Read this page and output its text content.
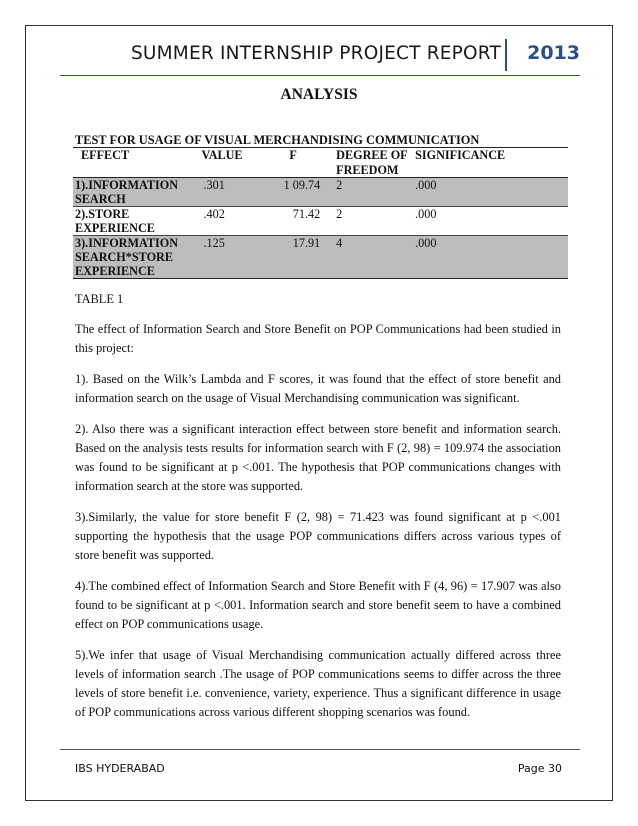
SUMMER INTERNSHIP PROJECT REPORT 2013
ANALYSIS
TEST FOR USAGE OF VISUAL MERCHANDISING COMMUNICATION
EFFECT	VALUE	F	DEGREE OF FREEDOM	SIGNIFICANCE
1).INFORMATION SEARCH	.301	1 09.74	2	.000
2).STORE EXPERIENCE	.402	71.42	2	.000
3).INFORMATION SEARCH*STORE EXPERIENCE	.125	17.91	4	.000
TABLE 1

The effect of Information Search and Store Benefit on POP Communications had been studied in this project:

1). Based on the Wilk’s Lambda and F scores, it was found that the effect of store benefit and information search on the usage of Visual Merchandising communication was significant.

2). Also there was a significant interaction effect between store benefit and information search. Based on the analysis tests results for information search with F (2, 98) = 109.974 the association was found to be significant at p <.001. The hypothesis that POP communications changes with information search at the store was supported.

3).Similarly, the value for store benefit F (2, 98) = 71.423 was found significant at p <.001 supporting the hypothesis that the usage POP communications differs across various types of store benefit was supported.

4).The combined effect of Information Search and Store Benefit with F (4, 96) = 17.907 was also found to be significant at p <.001. Information search and store benefit seem to have a combined effect on POP communications usage.

5).We infer that usage of Visual Merchandising communication actually differed across three levels of information search .The usage of POP communications seems to differ across the three levels of store benefit i.e. convenience, variety, experience. Thus a significant difference in usage of POP communications across various different shopping scenarios was found.

IBS HYDERABAD	Page 30
